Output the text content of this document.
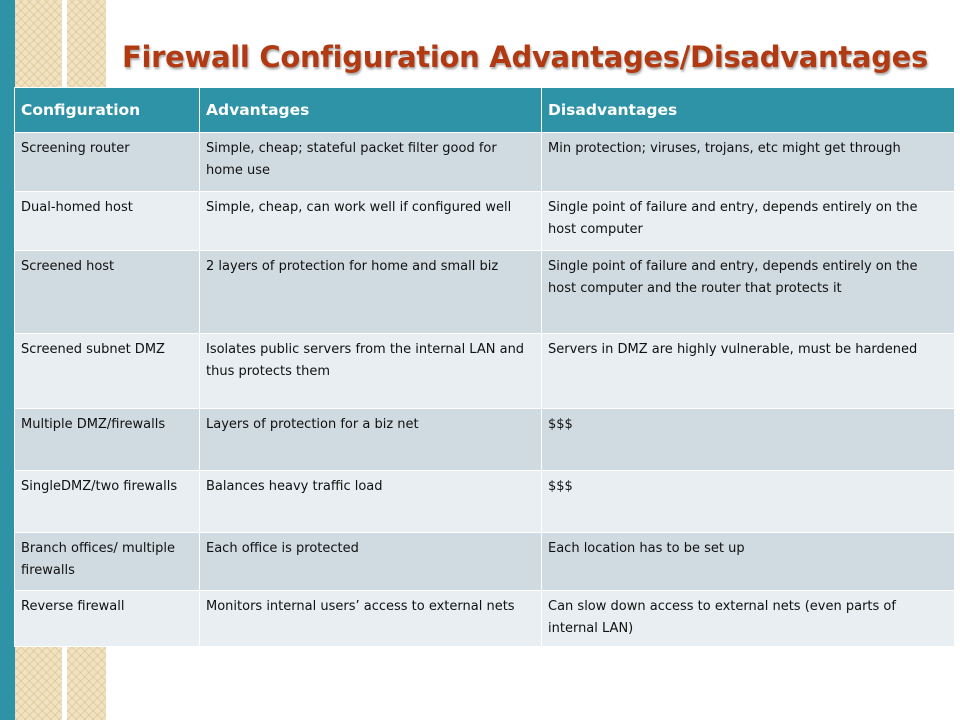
Firewall Configuration Advantages/Disadvantages
Configuration	Advantages	Disadvantages
Screening router	Simple, cheap; stateful packet filter good for home use	Min protection; viruses, trojans, etc might get through
Dual-homed host	Simple, cheap, can work well if configured well	Single point of failure and entry, depends entirely on the host computer
Screened host	2 layers of protection for home and small biz	Single point of failure and entry, depends entirely on the host computer and the router that protects it
Screened subnet DMZ	Isolates public servers from the internal LAN and thus protects them	Servers in DMZ are highly vulnerable, must be hardened
Multiple DMZ/firewalls	Layers of protection for a biz net	$$$
SingleDMZ/two firewalls	Balances heavy traffic load	$$$
Branch offices/ multiple firewalls	Each office is protected	Each location has to be set up
Reverse firewall	Monitors internal users’ access to external nets	Can slow down access to external nets (even parts of internal LAN)
